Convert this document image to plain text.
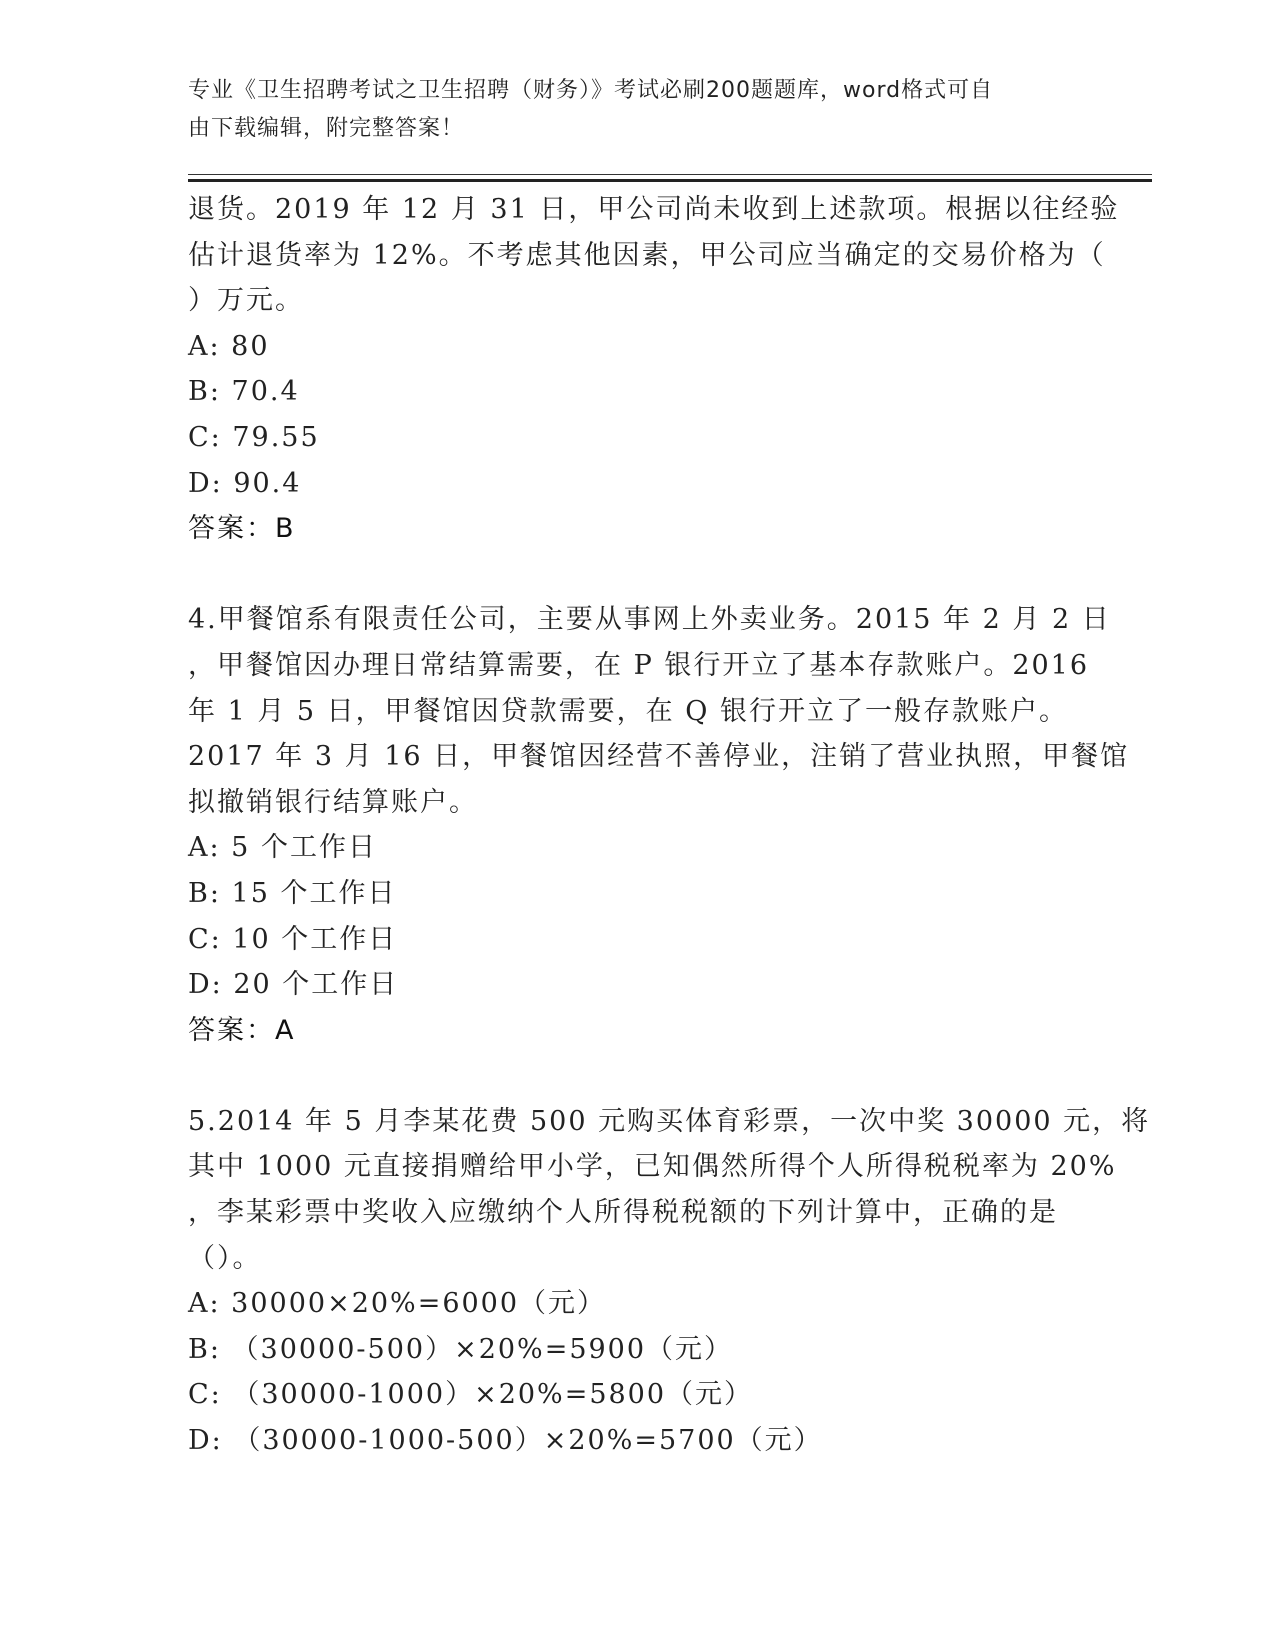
专业《卫生招聘考试之卫生招聘（财务）》考试必刷200题题库，word格式可自
由下载编辑，附完整答案！
退货。2019 年 12 月 31 日，甲公司尚未收到上述款项。根据以往经验
估计退货率为 12%。不考虑其他因素，甲公司应当确定的交易价格为（
）万元。
A: 80
B: 70.4
C: 79.55
D: 90.4
答案：B
4.甲餐馆系有限责任公司，主要从事网上外卖业务。2015 年 2 月 2 日
，甲餐馆因办理日常结算需要，在 P 银行开立了基本存款账户。2016
年 1 月 5 日，甲餐馆因贷款需要，在 Q 银行开立了一般存款账户。
2017 年 3 月 16 日，甲餐馆因经营不善停业，注销了营业执照，甲餐馆
拟撤销银行结算账户。
A: 5 个工作日
B: 15 个工作日
C: 10 个工作日
D: 20 个工作日
答案：A
5.2014 年 5 月李某花费 500 元购买体育彩票，一次中奖 30000 元，将
其中 1000 元直接捐赠给甲小学，已知偶然所得个人所得税税率为 20%
，李某彩票中奖收入应缴纳个人所得税税额的下列计算中，正确的是
（）。
A: 30000×20%=6000（元）
B: （30000-500）×20%=5900（元）
C: （30000-1000）×20%=5800（元）
D: （30000-1000-500）×20%=5700（元）
